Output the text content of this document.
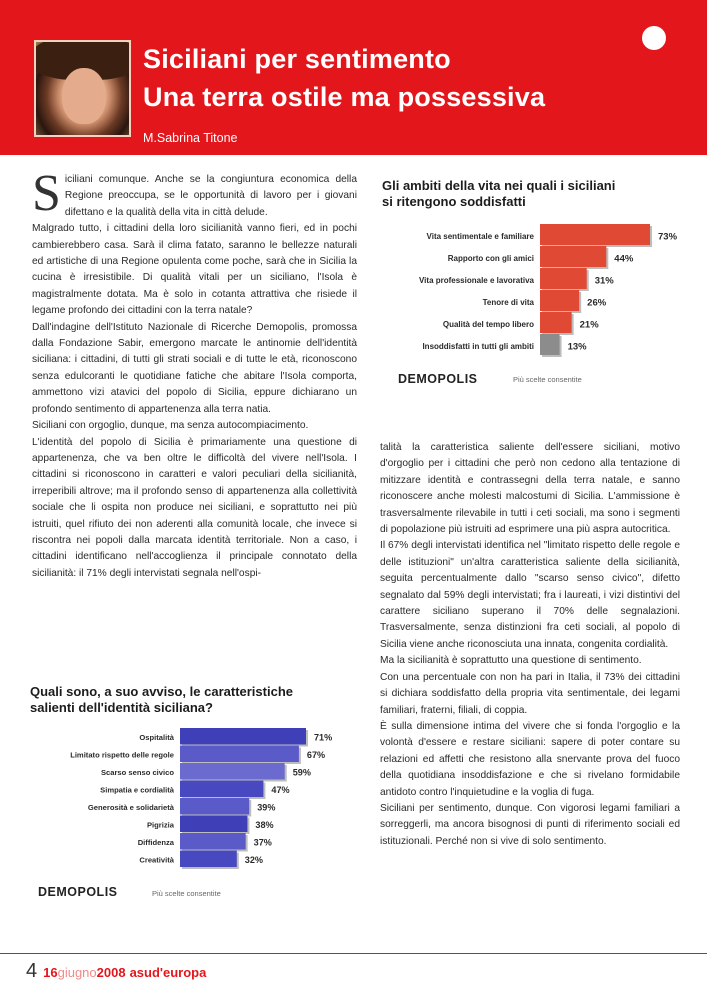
Siciliani per sentimento
Una terra ostile ma possessiva
M.Sabrina Titone
S iciliani comunque. Anche se la congiuntura economica della Regione preoccupa, se le opportunità di lavoro per i giovani difettano e la qualità della vita in città delude.

Malgrado tutto, i cittadini della loro sicilianità vanno fieri, ed in pochi cambierebbero casa. Sarà il clima fatato, saranno le bellezze naturali ed artistiche di una Regione opulenta come poche, sarà che in Sicilia la cucina è irresistibile. Di qualità vitali per un siciliano, l'Isola è magistralmente dotata. Ma è solo in cotanta attrattiva che risiede il legame profondo dei cittadini con la terra natale?

Dall'indagine dell'Istituto Nazionale di Ricerche Demopolis, promossa dalla Fondazione Sabir, emergono marcate le antinomie dell'identità siciliana: i cittadini, di tutti gli strati sociali e di tutte le età, riconoscono senza edulcoranti le quotidiane fatiche che abitare l'Isola comporta, ammettono vizi atavici del popolo di Sicilia, eppure dichiarano un profondo sentimento di appartenenza alla terra natia.

Siciliani con orgoglio, dunque, ma senza autocompiacimento.

L'identità del popolo di Sicilia è primariamente una questione di appartenenza, che va ben oltre le difficoltà del vivere nell'Isola. I cittadini si riconoscono in caratteri e valori peculiari della sicilianità, irreperibili altrove; ma il profondo senso di appartenenza alla collettività sociale che li ospita non produce nei siciliani, e soprattutto nei più istruiti, quel rifiuto dei non aderenti alla comunità locale, che invece si riscontra nei popoli dalla marcata identità territoriale. Non a caso, i cittadini identificano nell'accoglienza il principale connotato della sicilianità: il 71% degli intervistati segnala nell'ospi-

talità la caratteristica saliente dell'essere siciliani, motivo d'orgoglio per i cittadini che però non cedono alla tentazione di mitizzare identità e contrassegni della terra natale, e sanno riconoscere anche molesti malcostumi di Sicilia. L'ammissione è trasversalmente rilevabile in tutti i ceti sociali, ma sono i segmenti di popolazione più istruiti ad esprimere una più aspra autocritica.

Il 67% degli intervistati identifica nel "limitato rispetto delle regole e delle istituzioni" un'altra caratteristica saliente della sicilianità, seguita percentualmente dallo "scarso senso civico", difetto segnalato dal 59% degli intervistati; fra i laureati, i vizi distintivi del carattere siciliano superano il 70% delle segnalazioni. Trasversalmente, senza distinzioni fra ceti sociali, al popolo di Sicilia viene anche riconosciuta una innata, congenita cordialità.

Ma la sicilianità è soprattutto una questione di sentimento.

Con una percentuale con non ha pari in Italia, il 73% dei cittadini si dichiara soddisfatto della propria vita sentimentale, dei legami familiari, fraterni, filiali, di coppia.

È sulla dimensione intima del vivere che si fonda l'orgoglio e la volontà d'essere e restare siciliani: sapere di poter contare su relazioni ed affetti che resistono alla snervante prova del fuoco della quotidiana insoddisfazione e che si rivelano formidabile antidoto contro l'inquietudine e la voglia di fuga.

Siciliani per sentimento, dunque. Con vigorosi legami familiari a sorreggerli, ma ancora bisognosi di punti di riferimento sociali ed istituzionali. Perché non si vive di solo sentimento.

Gli ambiti della vita nei quali i siciliani
si ritengono soddisfatti
Vita sentimentale e familiare	73%
Rapporto con gli amici	44%
Vita professionale e lavorativa	31%
Tenore di vita	26%
Qualità del tempo libero	21%
Insoddisfatti in tutti gli ambiti	13%
DEMOPOLIS	Più scelte consentite
Quali sono, a suo avviso, le caratteristiche
salienti dell'identità siciliana?
Ospitalità	71%
Limitato rispetto delle regole	67%
Scarso senso civico	59%
Simpatia e cordialità	47%
Generosità e solidarietà	39%
Pigrizia	38%
Diffidenza	37%
Creatività	32%
DEMOPOLIS	Più scelte consentite
4 16giugno2008 asud'europa
